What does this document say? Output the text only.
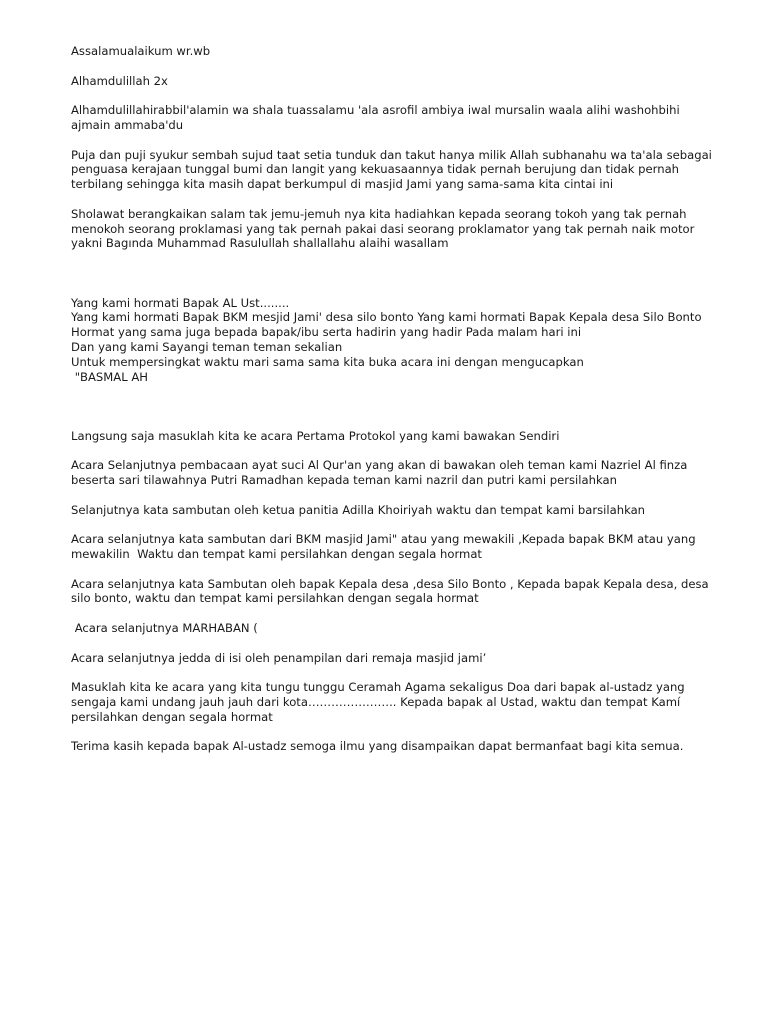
Assalamualaikum wr.wb

Alhamdulillah 2x

Alhamdulillahirabbil'alamin wa shala tuassalamu 'ala asrofil ambiya iwal mursalin waala alihi washohbihi ajmain ammaba'du

Puja dan puji syukur sembah sujud taat setia tunduk dan takut hanya milik Allah subhanahu wa ta'ala sebagai penguasa kerajaan tunggal bumi dan langit yang kekuasaannya tidak pernah berujung dan tidak pernah terbilang sehingga kita masih dapat berkumpul di masjid Jami yang sama-sama kita cintai ini

Sholawat berangkaikan salam tak jemu-jemuh nya kita hadiahkan kepada seorang tokoh yang tak pernah menokoh seorang proklamasi yang tak pernah pakai dasi seorang proklamator yang tak pernah naik motor yakni Bagında Muhammad Rasulullah shallallahu alaihi wasallam

Yang kami hormati Bapak AL Ust........
Yang kami hormati Bapak BKM mesjid Jami' desa silo bonto Yang kami hormati Bapak Kepala desa Silo Bonto Hormat yang sama juga bepada bapak/ibu serta hadirin yang hadir Pada malam hari ini
Dan yang kami Sayangi teman teman sekalian
Untuk mempersingkat waktu mari sama sama kita buka acara ini dengan mengucapkan
"BASMAL AH

Langsung saja masuklah kita ke acara Pertama Protokol yang kami bawakan Sendiri

Acara Selanjutnya pembacaan ayat suci Al Qur'an yang akan di bawakan oleh teman kami Nazriel Al finza beserta sari tilawahnya Putri Ramadhan kepada teman kami nazril dan putri kami persilahkan

Selanjutnya kata sambutan oleh ketua panitia Adilla Khoiriyah waktu dan tempat kami barsilahkan

Acara selanjutnya kata sambutan dari BKM masjid Jami" atau yang mewakili ,Kepada bapak BKM atau yang mewakilin  Waktu dan tempat kami persilahkan dengan segala hormat

Acara selanjutnya kata Sambutan oleh bapak Kepala desa ,desa Silo Bonto , Kepada bapak Kepala desa, desa silo bonto, waktu dan tempat kami persilahkan dengan segala hormat

Acara selanjutnya MARHABAN (

Acara selanjutnya jedda di isi oleh penampilan dari remaja masjid jami’

Masuklah kita ke acara yang kita tungu tunggu Ceramah Agama sekaligus Doa dari bapak al-ustadz yang sengaja kami undang jauh jauh dari kota………………….. Kepada bapak al Ustad, waktu dan tempat Kamí persilahkan dengan segala hormat

Terima kasih kepada bapak Al-ustadz semoga ilmu yang disampaikan dapat bermanfaat bagi kita semua.
